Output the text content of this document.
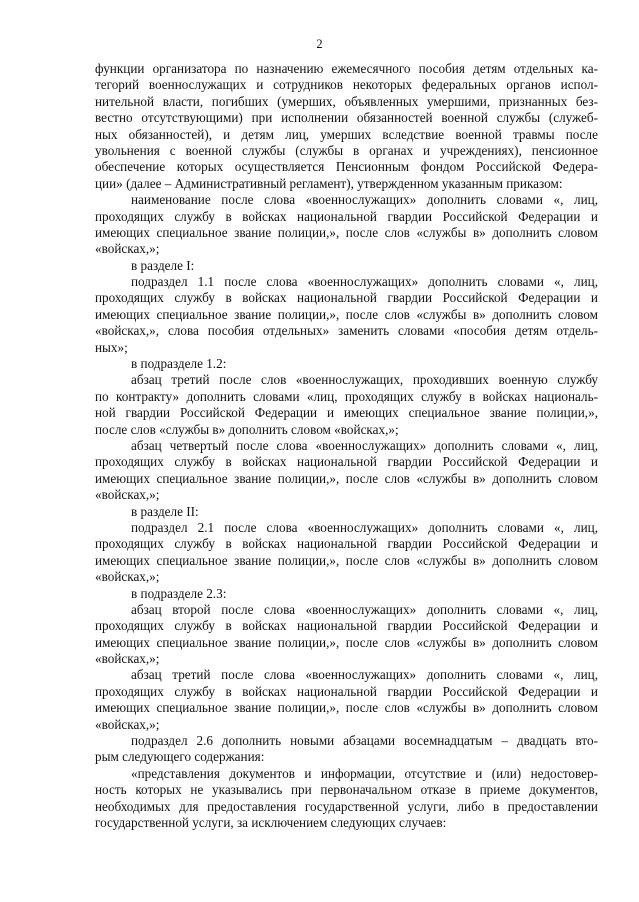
2

функции организатора по назначению ежемесячного пособия детям отдельных ка-
тегорий военнослужащих и сотрудников некоторых федеральных органов испол-
нительной власти, погибших (умерших, объявленных умершими, признанных без-
вестно отсутствующими) при исполнении обязанностей военной службы (служеб-
ных обязанностей), и детям лиц, умерших вследствие военной травмы после
увольнения с военной службы (службы в органах и учреждениях), пенсионное
обеспечение которых осуществляется Пенсионным фондом Российской Федера-
ции» (далее – Административный регламент), утвержденном указанным приказом:

наименование после слова «военнослужащих» дополнить словами «, лиц,
проходящих службу в войсках национальной гвардии Российской Федерации и
имеющих специальное звание полиции,», после слов «службы в» дополнить словом
«войсках,»;

в разделе I:

подраздел 1.1 после слова «военнослужащих» дополнить словами «, лиц,
проходящих службу в войсках национальной гвардии Российской Федерации и
имеющих специальное звание полиции,», после слов «службы в» дополнить словом
«войсках,», слова пособия отдельных» заменить словами «пособия детям отдель-
ных»;

в подразделе 1.2:

абзац третий после слов «военнослужащих, проходивших военную службу
по контракту» дополнить словами «лиц, проходящих службу в войсках националь-
ной гвардии Российской Федерации и имеющих специальное звание полиции,»,
после слов «службы в» дополнить словом «войсках,»;

абзац четвертый после слова «военнослужащих» дополнить словами «, лиц,
проходящих службу в войсках национальной гвардии Российской Федерации и
имеющих специальное звание полиции,», после слов «службы в» дополнить словом
«войсках,»;

в разделе II:

подраздел 2.1 после слова «военнослужащих» дополнить словами «, лиц,
проходящих службу в войсках национальной гвардии Российской Федерации и
имеющих специальное звание полиции,», после слов «службы в» дополнить словом
«войсках,»;

в подразделе 2.3:

абзац второй после слова «военнослужащих» дополнить словами «, лиц,
проходящих службу в войсках национальной гвардии Российской Федерации и
имеющих специальное звание полиции,», после слов «службы в» дополнить словом
«войсках,»;

абзац третий после слова «военнослужащих» дополнить словами «, лиц,
проходящих службу в войсках национальной гвардии Российской Федерации и
имеющих специальное звание полиции,», после слов «службы в» дополнить словом
«войсках,»;

подраздел 2.6 дополнить новыми абзацами восемнадцатым – двадцать вто-
рым следующего содержания:

«представления документов и информации, отсутствие и (или) недостовер-
ность которых не указывались при первоначальном отказе в приеме документов,
необходимых для предоставления государственной услуги, либо в предоставлении
государственной услуги, за исключением следующих случаев:
